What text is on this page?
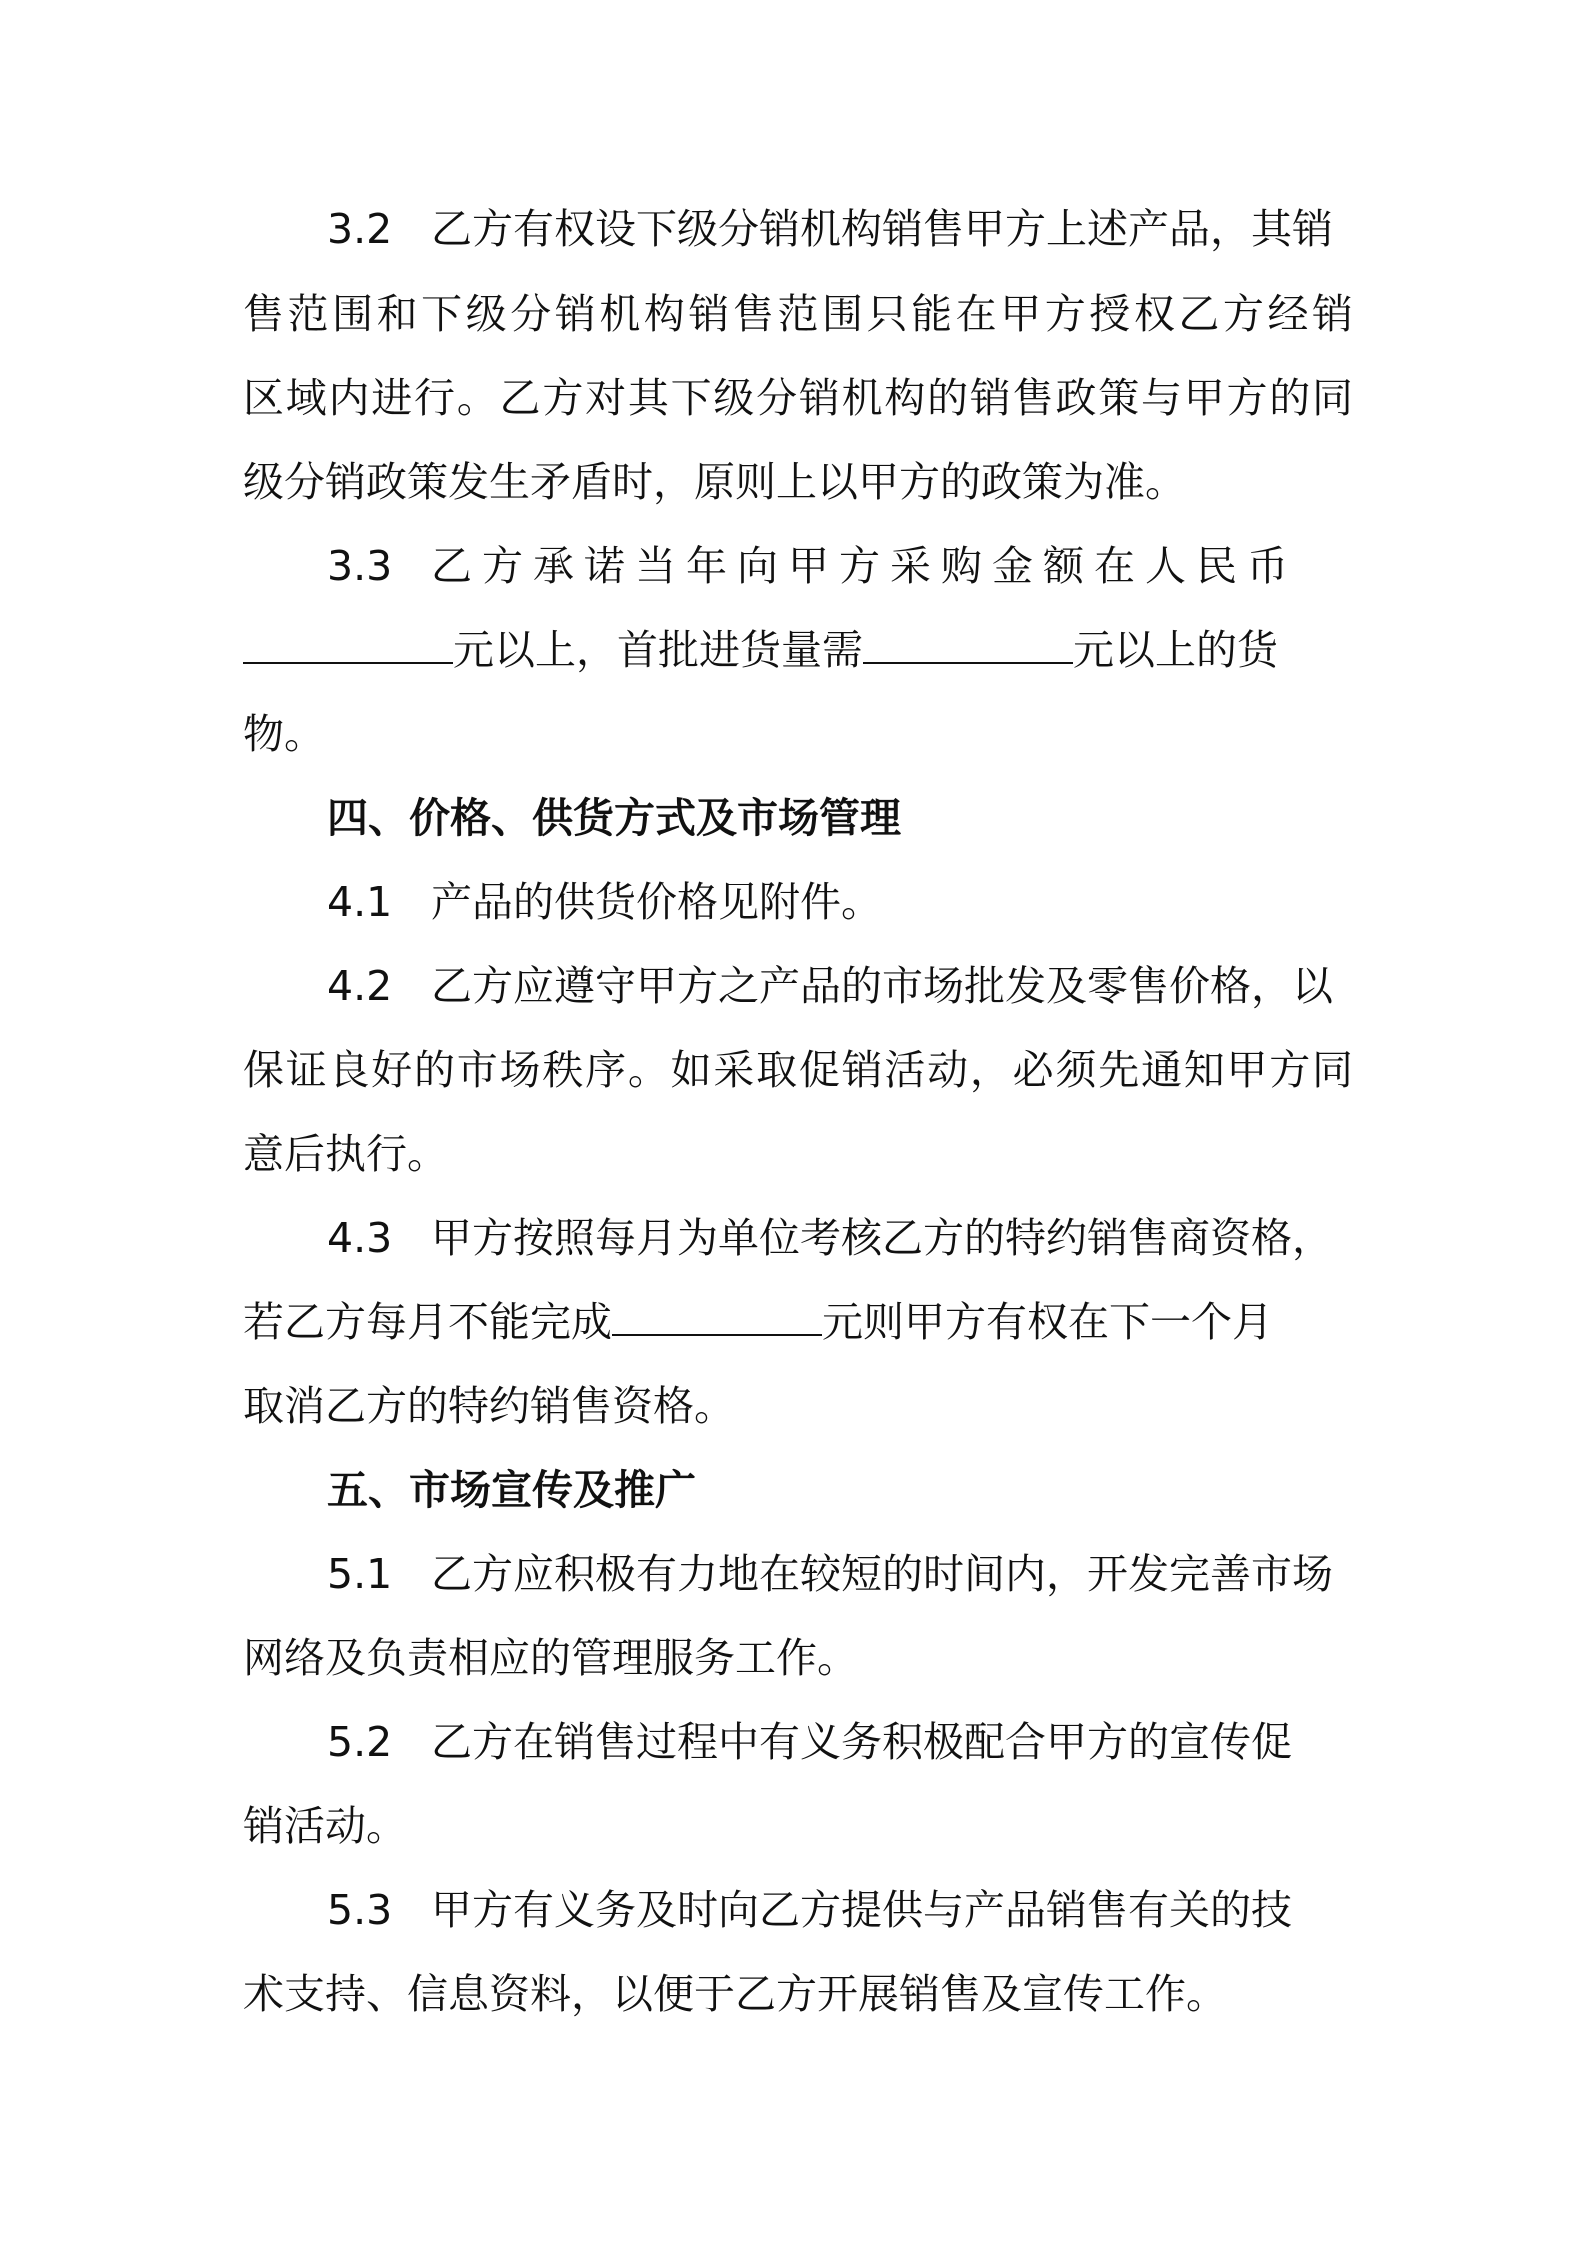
3.2 乙方有权设下级分销机构销售甲方上述产品，其销
售范围和下级分销机构销售范围只能在甲方授权乙方经销
区域内进行。乙方对其下级分销机构的销售政策与甲方的同
级分销政策发生矛盾时，原则上以甲方的政策为准。
3.3 乙方承诺当年向甲方采购金额在人民币
元以上，首批进货量需	元以上的货
物。
四、价格、供货方式及市场管理
4.1 产品的供货价格见附件。
4.2 乙方应遵守甲方之产品的市场批发及零售价格，以
保证良好的市场秩序。如采取促销活动，必须先通知甲方同
意后执行。
4.3 甲方按照每月为单位考核乙方的特约销售商资格，
若乙方每月不能完成	元则甲方有权在下一个月
取消乙方的特约销售资格。
五、市场宣传及推广
5.1 乙方应积极有力地在较短的时间内，开发完善市场
网络及负责相应的管理服务工作。
5.2 乙方在销售过程中有义务积极配合甲方的宣传促
销活动。
5.3 甲方有义务及时向乙方提供与产品销售有关的技
术支持、信息资料，以便于乙方开展销售及宣传工作。
